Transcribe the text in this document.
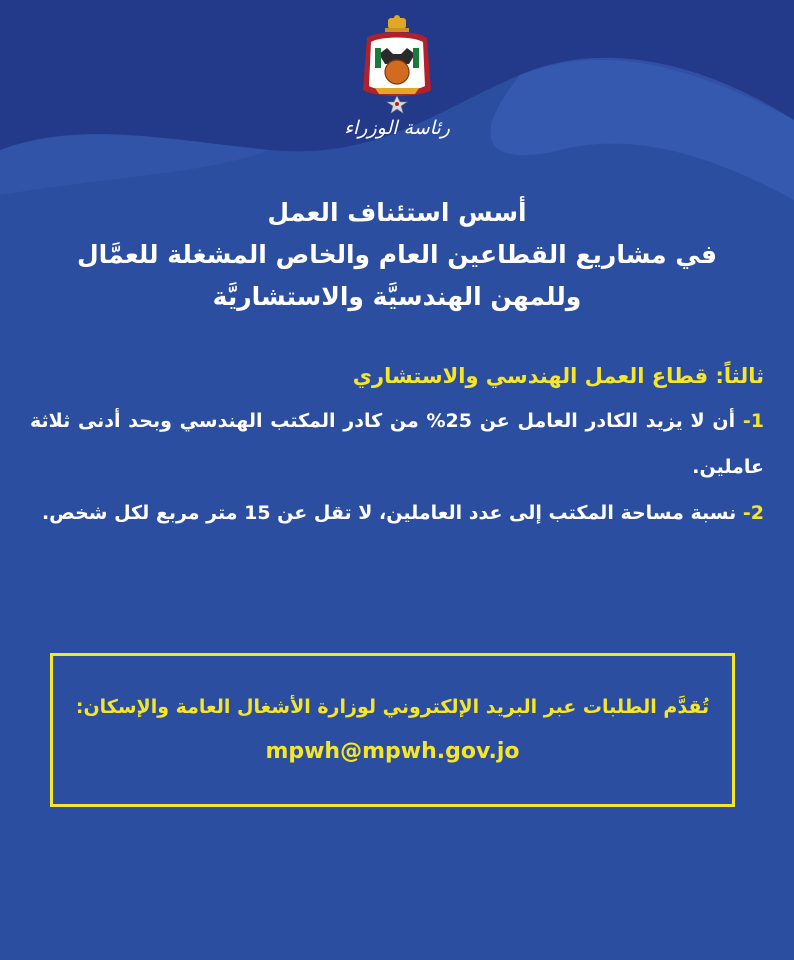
رئاسة الوزراء

أسس استئناف العمل

في مشاريع القطاعين العام والخاص المشغلة للعمَّال

وللمهن الهندسيَّة والاستشاريَّة

ثالثاً: قطاع العمل الهندسي والاستشاري

1- أن لا يزيد الكادر العامل عن 25% من كادر المكتب الهندسي وبحد أدنى ثلاثة عاملين.

2- نسبة مساحة المكتب إلى عدد العاملين، لا تقل عن 15 متر مربع لكل شخص.

تُقدَّم الطلبات عبر البريد الإلكتروني لوزارة الأشغال العامة والإسكان:
mpwh@mpwh.gov.jo
